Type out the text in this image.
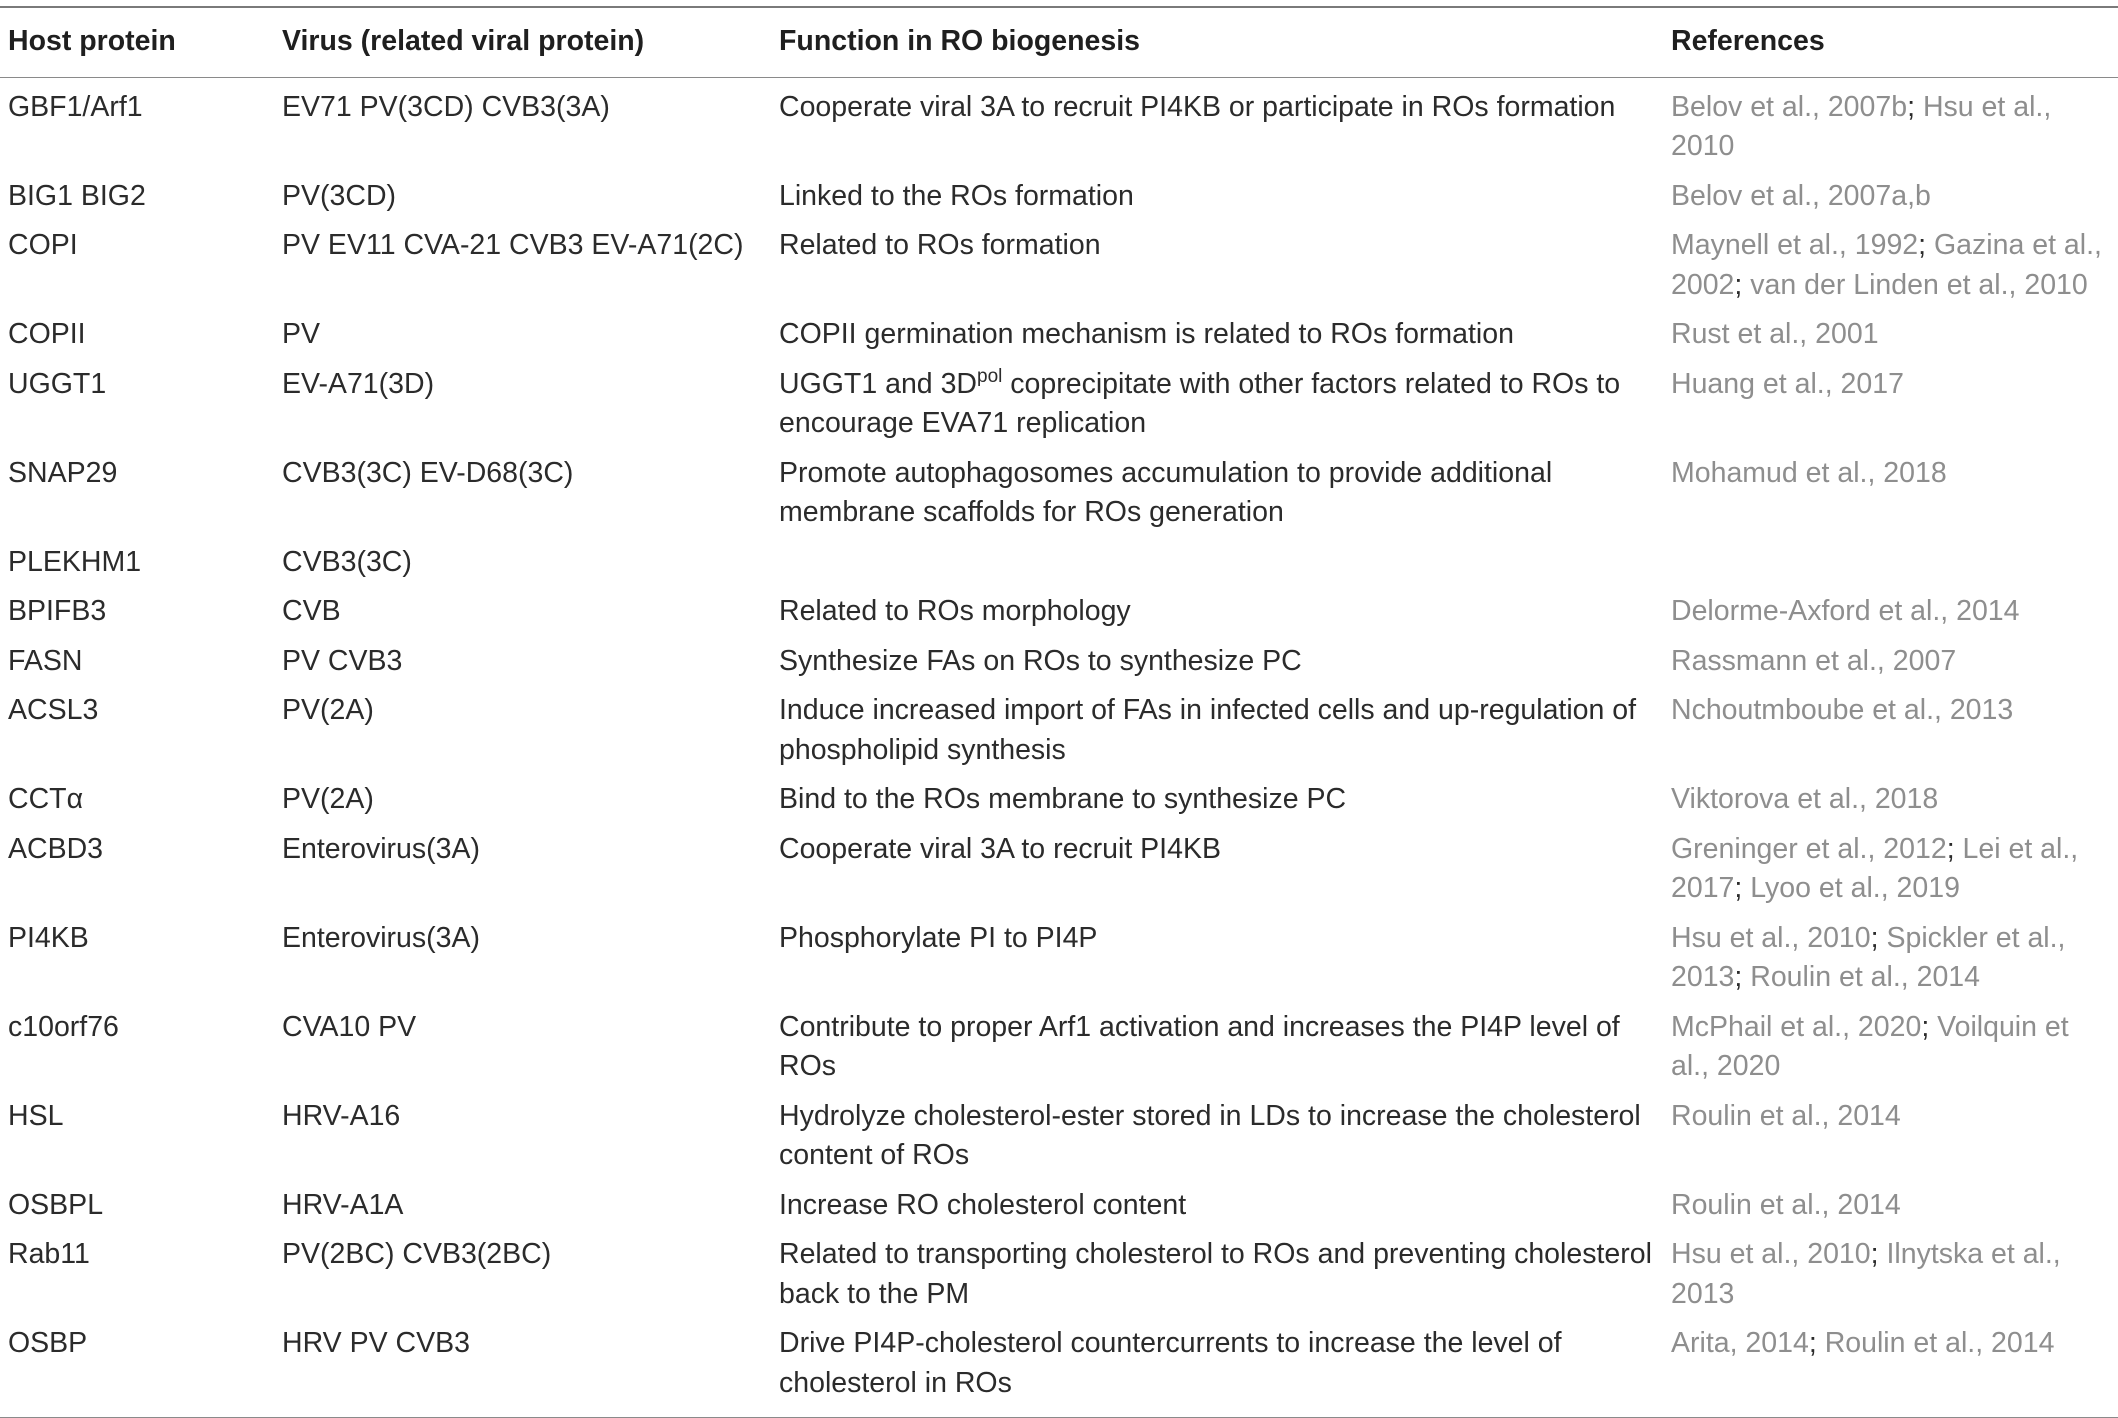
Host protein	Virus (related viral protein)	Function in RO biogenesis	References
GBF1/Arf1	EV71 PV(3CD) CVB3(3A)	Cooperate viral 3A to recruit PI4KB or participate in ROs formation	Belov et al., 2007b; Hsu et al., 2010
BIG1 BIG2	PV(3CD)	Linked to the ROs formation	Belov et al., 2007a,b
COPI	PV EV11 CVA-21 CVB3 EV-A71(2C)	Related to ROs formation	Maynell et al., 1992; Gazina et al., 2002; van der Linden et al., 2010
COPII	PV	COPII germination mechanism is related to ROs formation	Rust et al., 2001
UGGT1	EV-A71(3D)	UGGT1 and $3D^{pol}$ coprecipitate with other factors related to ROs to encourage EVA71 replication	Huang et al., 2017
SNAP29	CVB3(3C) EV-D68(3C)	Promote autophagosomes accumulation to provide additional membrane scaffolds for ROs generation	Mohamud et al., 2018
PLEKHM1	CVB3(3C)		
BPIFB3	CVB	Related to ROs morphology	Delorme-Axford et al., 2014
FASN	PV CVB3	Synthesize FAs on ROs to synthesize PC	Rassmann et al., 2007
ACSL3	PV(2A)	Induce increased import of FAs in infected cells and up-regulation of phospholipid synthesis	Nchoutmboube et al., 2013
CCTα	PV(2A)	Bind to the ROs membrane to synthesize PC	Viktorova et al., 2018
ACBD3	Enterovirus(3A)	Cooperate viral 3A to recruit PI4KB	Greninger et al., 2012; Lei et al., 2017; Lyoo et al., 2019
PI4KB	Enterovirus(3A)	Phosphorylate PI to PI4P	Hsu et al., 2010; Spickler et al., 2013; Roulin et al., 2014
c10orf76	CVA10 PV	Contribute to proper Arf1 activation and increases the PI4P level of ROs	McPhail et al., 2020; Voilquin et al., 2020
HSL	HRV-A16	Hydrolyze cholesterol-ester stored in LDs to increase the cholesterol content of ROs	Roulin et al., 2014
OSBPL	HRV-A1A	Increase RO cholesterol content	Roulin et al., 2014
Rab11	PV(2BC) CVB3(2BC)	Related to transporting cholesterol to ROs and preventing cholesterol back to the PM	Hsu et al., 2010; Ilnytska et al., 2013
OSBP	HRV PV CVB3	Drive PI4P-cholesterol countercurrents to increase the level of cholesterol in ROs	Arita, 2014; Roulin et al., 2014
